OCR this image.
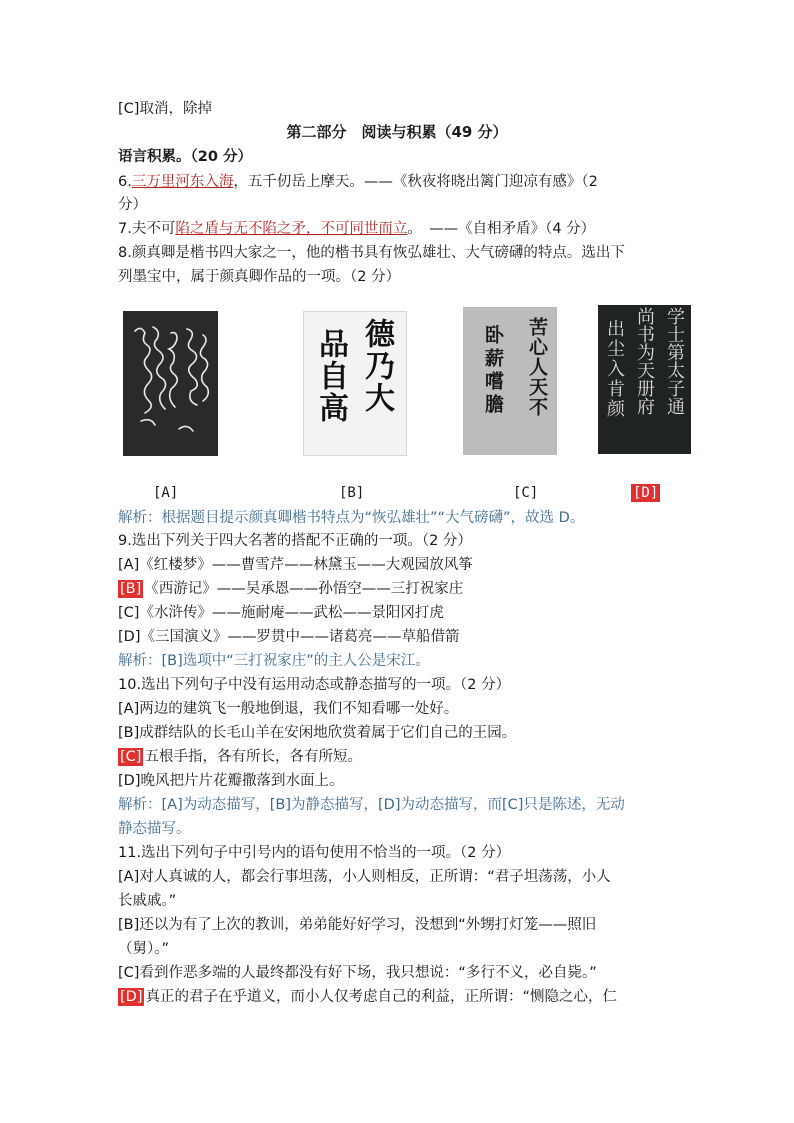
[C]取消，除掉
第二部分　阅读与积累（49 分）
语言积累。（20 分）
6.三万里河东入海，五千仞岳上摩天。——《秋夜将晓出篱门迎凉有感》（2
分）
7.夫不可陷之盾与无不陷之矛，不可同世而立。　——《自相矛盾》（4 分）
8.颜真卿是楷书四大家之一，他的楷书具有恢弘雄壮、大气磅礴的特点。选出下
列墨宝中，属于颜真卿作品的一项。（2 分）
德乃大
品自高	苦心人天不
卧薪嚐膽	学士第太子通
尚书为天册府
出尘入肯颜
[A]	[B]	[C]	[D]
解析：根据题目提示颜真卿楷书特点为“恢弘雄壮”“大气磅礴”，故选 D。
9.选出下列关于四大名著的搭配不正确的一项。（2 分）
[A]《红楼梦》——曹雪芹——林黛玉——大观园放风筝
[B] 《西游记》——吴承恩——孙悟空——三打祝家庄
[C]《水浒传》——施耐庵——武松——景阳冈打虎
[D]《三国演义》——罗贯中——诸葛亮——草船借箭
解析：[B]选项中“三打祝家庄”的主人公是宋江。
10.选出下列句子中没有运用动态或静态描写的一项。（2 分）
[A]两边的建筑飞一般地倒退，我们不知看哪一处好。
[B]成群结队的长毛山羊在安闲地欣赏着属于它们自己的王园。
[C] 五根手指，各有所长，各有所短。
[D]晚风把片片花瓣撒落到水面上。
解析：[A]为动态描写，[B]为静态描写，[D]为动态描写，而[C]只是陈述，无动
静态描写。
11.选出下列句子中引号内的语句使用不恰当的一项。（2 分）
[A]对人真诚的人，都会行事坦荡，小人则相反，正所谓：“君子坦荡荡，小人
长戚戚。”
[B]还以为有了上次的教训，弟弟能好好学习，没想到“外甥打灯笼——照旧
（舅）。”
[C]看到作恶多端的人最终都没有好下场，我只想说：“多行不义，必自毙。”
[D] 真正的君子在乎道义，而小人仅考虑自己的利益，正所谓：“恻隐之心，仁
